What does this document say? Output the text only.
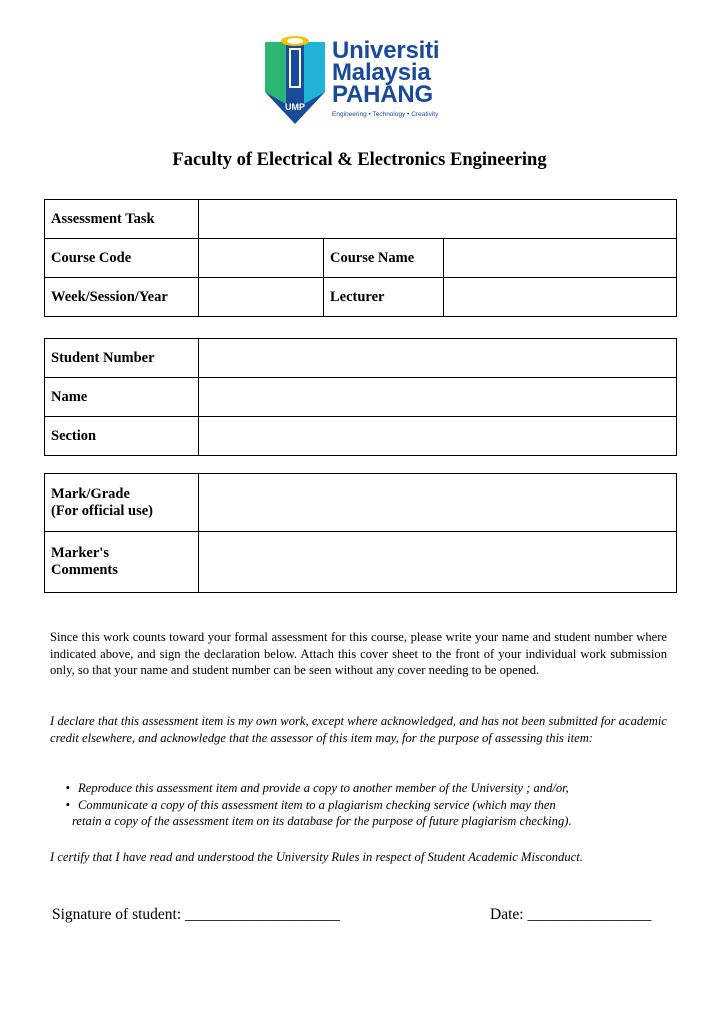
UMP
Universiti
Malaysia
PAHANG
Engineering • Technology • Creativity
Faculty of Electrical & Electronics Engineering
Assessment Task			
Course Code		Course Name	
Week/Session/Year		Lecturer	
Student Number	
Name	
Section	
Mark/Grade
(For official use)	

Marker's
Comments	

Since this work counts toward your formal assessment for this course, please write your name and student number where indicated above, and sign the declaration below. Attach this cover sheet to the front of your individual work submission only, so that your name and student number can be seen without any cover needing to be opened.
I declare that this assessment item is my own work, except where acknowledged, and has not been submitted for academic credit elsewhere, and acknowledge that the assessor of this item may, for the purpose of assessing this item:
• Reproduce this assessment item and provide a copy to another member of the University ; and/or,
• Communicate a copy of this assessment item to a plagiarism checking service (which may then
retain a copy of the assessment item on its database for the purpose of future plagiarism checking).
I certify that I have read and understood the University Rules in respect of Student Academic Misconduct.
Signature of student: ____________________	Date: ________________
